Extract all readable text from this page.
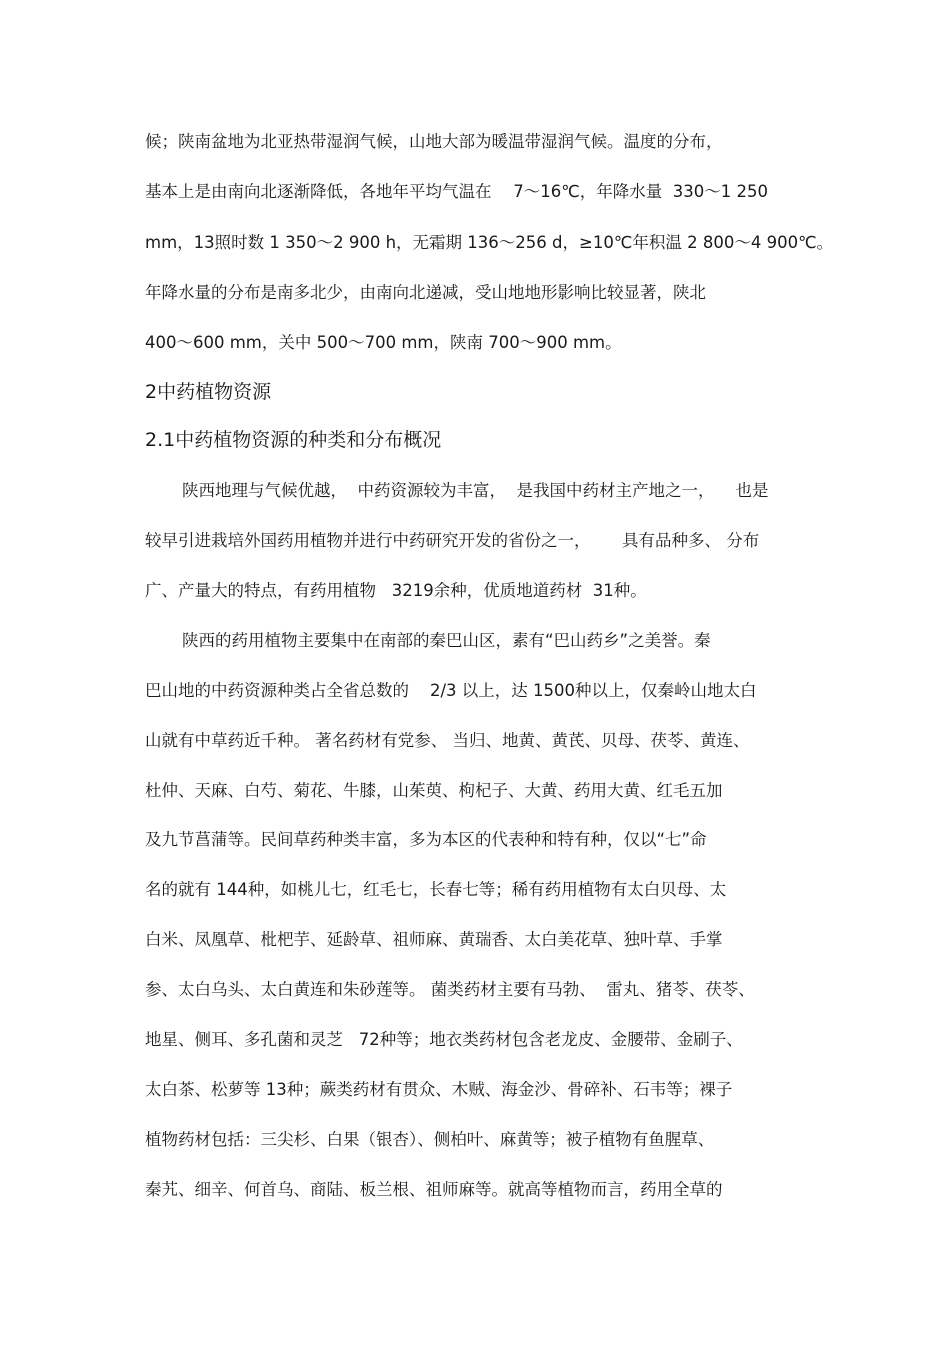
候；陕南盆地为北亚热带湿润气候，山地大部为暖温带湿润气候。温度的分布，
基本上是由南向北逐渐降低，各地年平均气温在　 7～16℃，年降水量  330～1 250
mm，13照时数 1 350～2 900 h，无霜期 136～256 d，≥10℃年积温 2 800～4 900℃。
年降水量的分布是南多北少，由南向北递减，受山地地形影响比较显著，陕北
400～600 mm，关中 500～700 mm，陕南 700～900 mm。
2中药植物资源
2.1中药植物资源的种类和分布概况
陕西地理与气候优越，  中药资源较为丰富，  是我国中药材主产地之一，    也是
较早引进栽培外国药用植物并进行中药研究开发的省份之一，      具有品种多、 分布
广、产量大的特点，有药用植物   3219余种，优质地道药材  31种。
陕西的药用植物主要集中在南部的秦巴山区，素有“巴山药乡”之美誉。秦
巴山地的中药资源种类占全省总数的    2/3 以上，达 1500种以上，仅秦岭山地太白
山就有中草药近千种。 著名药材有党参、 当归、地黄、黄芪、贝母、茯苓、黄连、
杜仲、天麻、白芍、菊花、牛膝，山茱萸、枸杞子、大黄、药用大黄、红毛五加
及九节菖蒲等。民间草药种类丰富，多为本区的代表种和特有种，仅以“七”命
名的就有 144种，如桃儿七，红毛七，长春七等；稀有药用植物有太白贝母、太
白米、凤凰草、枇杷芋、延龄草、祖师麻、黄瑞香、太白美花草、独叶草、手掌
参、太白乌头、太白黄连和朱砂莲等。 菌类药材主要有马勃、  雷丸、猪苓、茯苓、
地星、侧耳、多孔菌和灵芝   72种等；地衣类药材包含老龙皮、金腰带、金刷子、
太白茶、松萝等 13种；蕨类药材有贯众、木贼、海金沙、骨碎补、石韦等；裸子
植物药材包括：三尖杉、白果（银杏）、侧柏叶、麻黄等；被子植物有鱼腥草、
秦艽、细辛、何首乌、商陆、板兰根、祖师麻等。就高等植物而言，药用全草的
